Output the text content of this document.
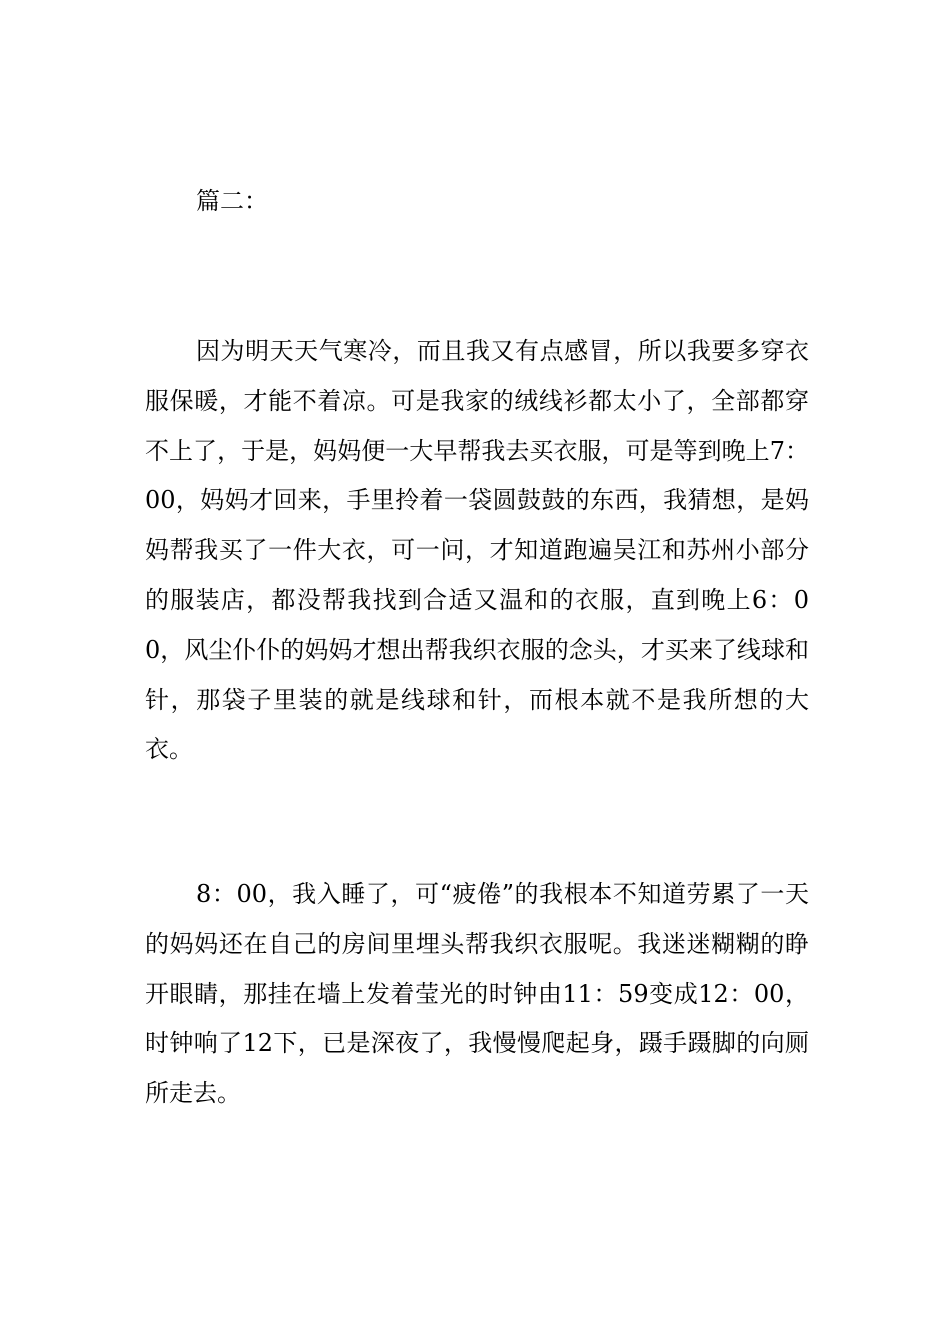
篇二：

因为明天天气寒冷，而且我又有点感冒，所以我要多穿衣服保暖，才能不着凉。可是我家的绒线衫都太小了，全部都穿不上了，于是，妈妈便一大早帮我去买衣服，可是等到晚上7：00，妈妈才回来，手里拎着一袋圆鼓鼓的东西，我猜想，是妈妈帮我买了一件大衣，可一问，才知道跑遍吴江和苏州小部分的服装店，都没帮我找到合适又温和的衣服，直到晚上6：00，风尘仆仆的妈妈才想出帮我织衣服的念头，才买来了线球和针，那袋子里装的就是线球和针，而根本就不是我所想的大衣。

8：00，我入睡了，可“疲倦”的我根本不知道劳累了一天的妈妈还在自己的房间里埋头帮我织衣服呢。我迷迷糊糊的睁开眼睛，那挂在墙上发着莹光的时钟由11：59变成12：00，时钟响了12下，已是深夜了，我慢慢爬起身，蹑手蹑脚的向厕所走去。
